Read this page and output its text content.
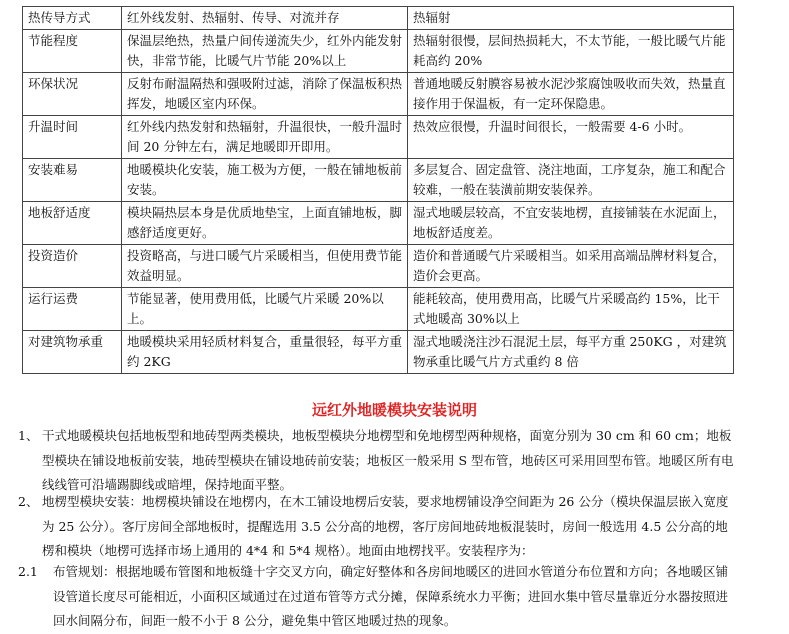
热传导方式	红外线发射、热辐射、传导、对流并存	热辐射
节能程度	保温层绝热，热量户间传递流失少，红外内能发射快，非常节能，比暖气片节能 20%以上	热辐射很慢，层间热损耗大，不太节能，一般比暖气片能耗高约 20%
环保状况	反射布耐温隔热和强吸附过滤，消除了保温板积热挥发，地暖区室内环保。	普通地暖反射膜容易被水泥沙浆腐蚀吸收而失效，热量直接作用于保温板，有一定环保隐患。
升温时间	红外线内热发射和热辐射，升温很快，一般升温时间 20 分钟左右，满足地暖即开即用。	热效应很慢，升温时间很长，一般需要 4-6 小时。
安装难易	地暖模块化安装，施工极为方便，一般在铺地板前安装。	多层复合、固定盘管、浇注地面，工序复杂，施工和配合较难，一般在装潢前期安装保养。
地板舒适度	模块隔热层本身是优质地垫宝，上面直铺地板，脚感舒适度更好。	湿式地暖层较高，不宜安装地楞，直接铺装在水泥面上，地板舒适度差。
投资造价	投资略高，与进口暖气片采暖相当，但使用费节能效益明显。	造价和普通暖气片采暖相当。如采用高端品牌材料复合，造价会更高。
运行运费	节能显著，使用费用低，比暖气片采暖 20%以上。	能耗较高，使用费用高，比暖气片采暖高约 15%，比干式地暖高 30%以上
对建筑物承重	地暖模块采用轻质材料复合，重量很轻，每平方重约 2KG	湿式地暖浇注沙石混泥土层，每平方重 250KG ，对建筑物承重比暖气片方式重约 8 倍
远红外地暖模块安装说明
1、 干式地暖模块包括地板型和地砖型两类模块，地板型模块分地楞型和免地楞型两种规格，面宽分别为 30 cm 和 60 cm；地板型模块在铺设地板前安装，地砖型模块在铺设地砖前安装；地板区一般采用 S 型布管，地砖区可采用回型布管。地暖区所有电线线管可沿墙踢脚线或暗埋，保持地面平整。
2、 地楞型模块安装：地楞模块铺设在地楞内，在木工铺设地楞后安装，要求地楞铺设净空间距为 26 公分（模块保温层嵌入宽度为 25 公分）。客厅房间全部地板时，提醒选用 3.5 公分高的地楞，客厅房间地砖地板混装时，房间一般选用 4.5 公分高的地楞和模块（地楞可选择市场上通用的 4*4 和 5*4 规格）。地面由地楞找平。安装程序为：
2.1 布管规划：根据地暖布管图和地板缝十字交叉方向，确定好整体和各房间地暖区的进回水管道分布位置和方向；各地暖区铺设管道长度尽可能相近，小面积区域通过在过道布管等方式分摊，保障系统水力平衡；进回水集中管尽量靠近分水器按照进回水间隔分布，间距一般不小于 8 公分，避免集中管区地暖过热的现象。
